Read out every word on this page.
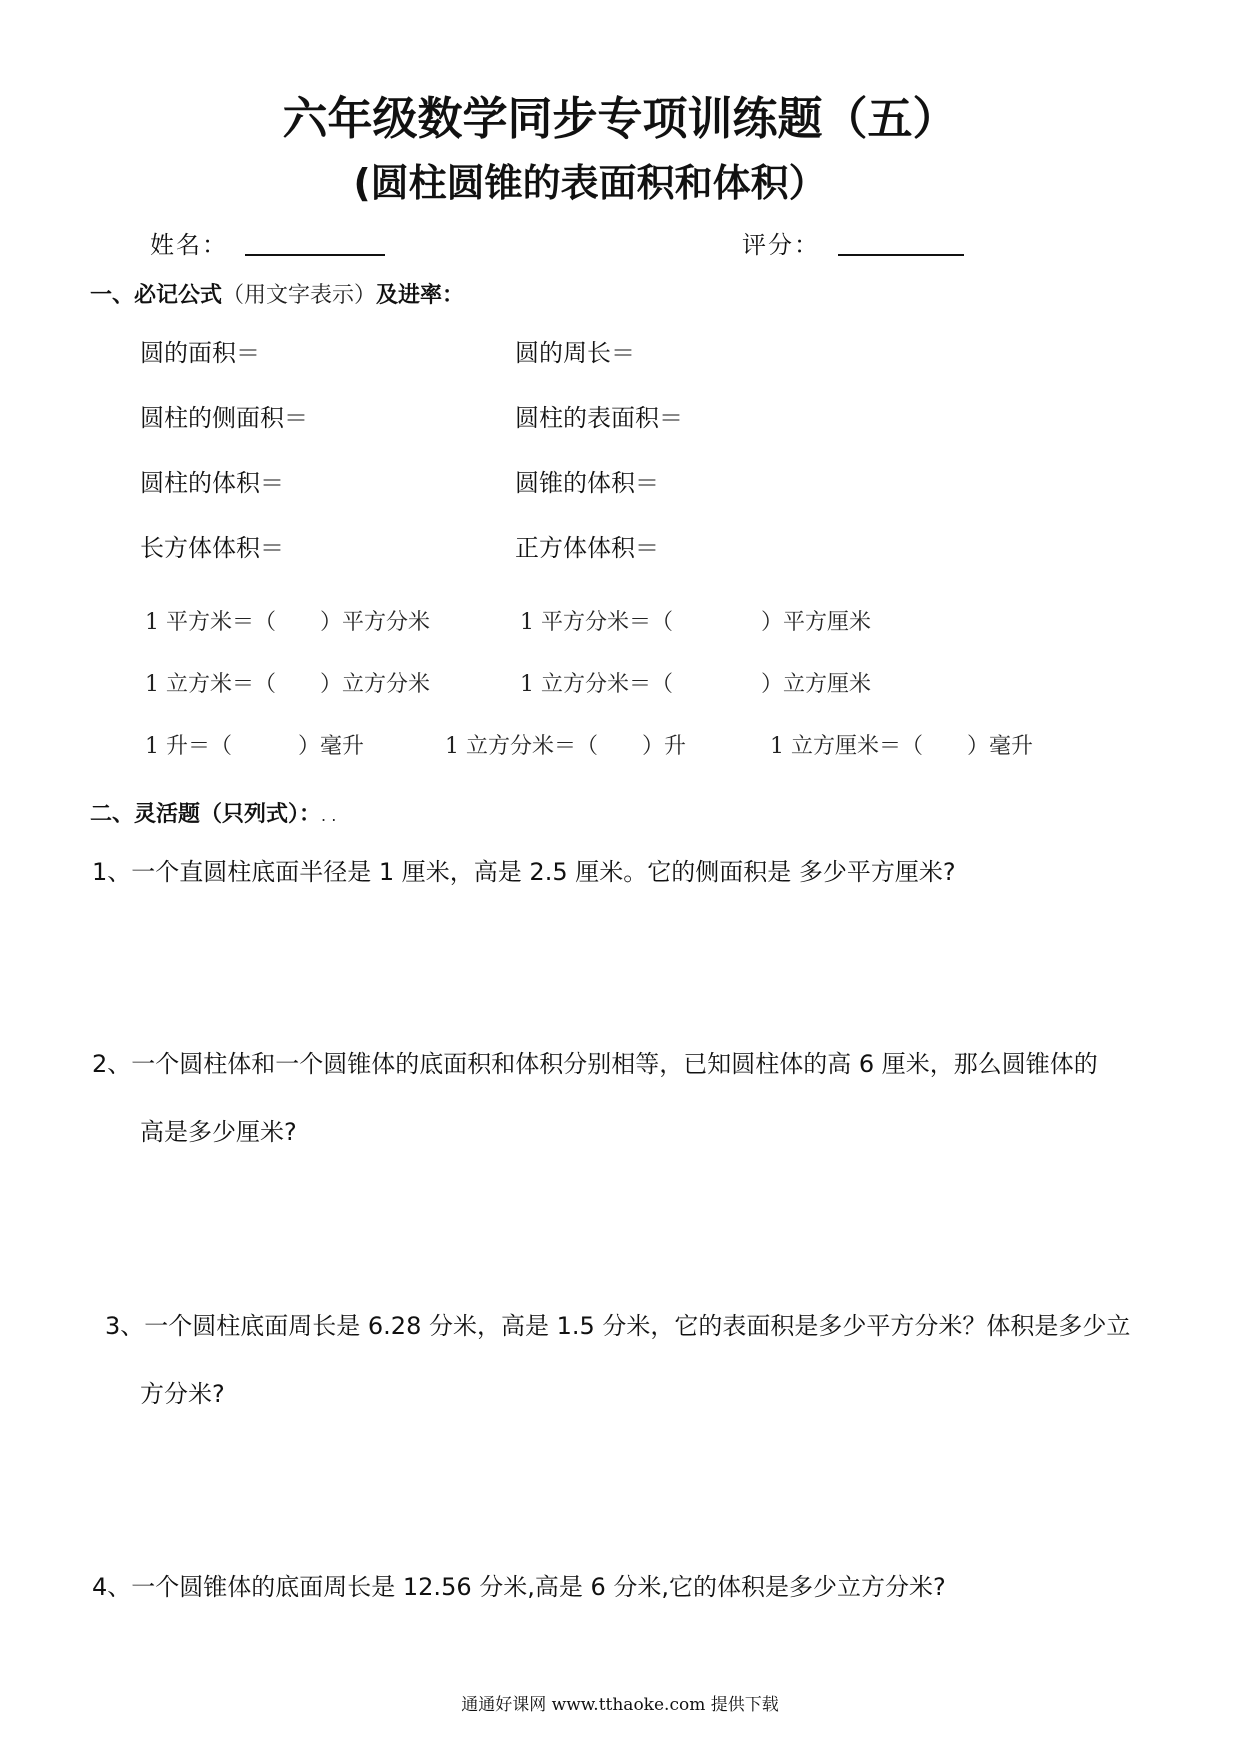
六年级数学同步专项训练题（五）
(圆柱圆锥的表面积和体积）
姓名：	评分：
一、必记公式（用文字表示）及进率：
圆的面积＝	圆的周长＝
圆柱的侧面积＝	圆柱的表面积＝
圆柱的体积＝	圆锥的体积＝
长方体体积＝	正方体体积＝
1 平方米＝（　　）平方分米	1 平方分米＝（　　　　）平方厘米
1 立方米＝（　　）立方分米	1 立方分米＝（　　　　）立方厘米
1 升＝（　　　）毫升	1 立方分米＝（　　）升	1 立方厘米＝（　　）毫升
二、灵活题（只列式）：. .
1、一个直圆柱底面半径是 1 厘米，高是 2.5 厘米。它的侧面积是 多少平方厘米?
2、一个圆柱体和一个圆锥体的底面积和体积分别相等，已知圆柱体的高 6 厘米，那么圆锥体的
高是多少厘米?
3、一个圆柱底面周长是 6.28 分米，高是 1.5 分米，它的表面积是多少平方分米？体积是多少立
方分米?
4、一个圆锥体的底面周长是 12.56 分米,高是 6 分米,它的体积是多少立方分米?
通通好课网 www.tthaoke.com 提供下载
